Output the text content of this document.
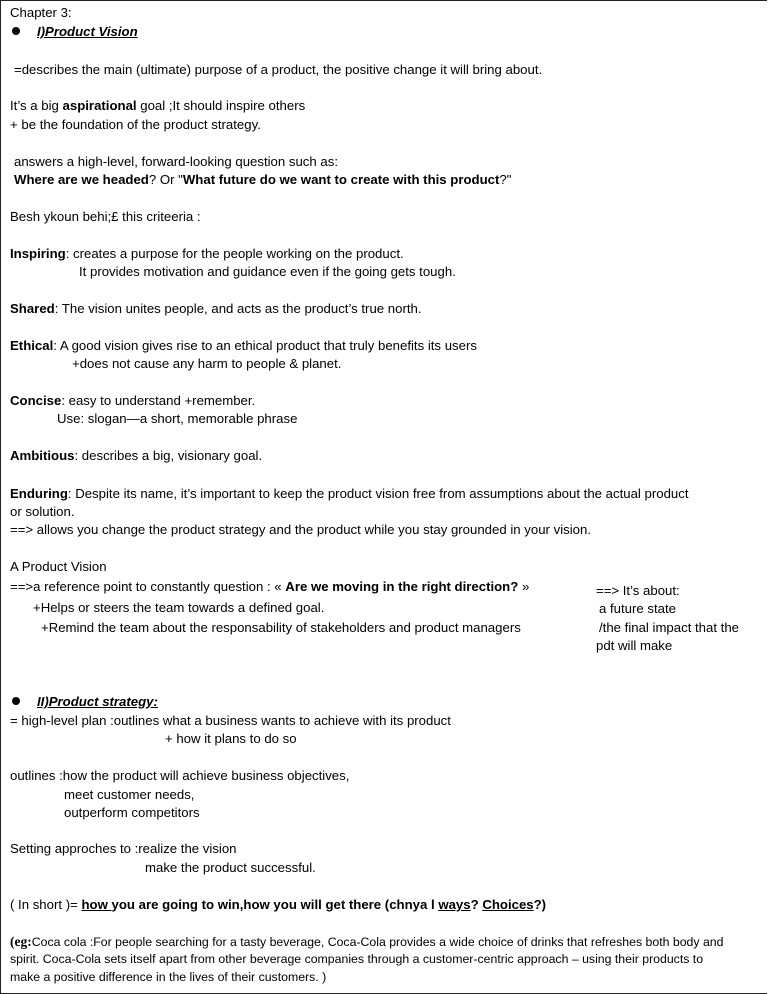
Chapter 3:
I)Product Vision
=describes the main (ultimate) purpose of a product, the positive change it will bring about.
It’s a big aspirational goal ;It should inspire others
+ be the foundation of the product strategy.
answers a high-level, forward-looking question such as:
Where are we headed? Or "What future do we want to create with this product?"
Besh ykoun behi;£ this criteeria :
Inspiring: creates a purpose for the people working on the product.
It provides motivation and guidance even if the going gets tough.
Shared: The vision unites people, and acts as the product’s true north.
Ethical: A good vision gives rise to an ethical product that truly benefits its users
+does not cause any harm to people & planet.
Concise: easy to understand +remember.
Use: slogan—a short, memorable phrase
Ambitious: describes a big, visionary goal.
Enduring: Despite its name, it’s important to keep the product vision free from assumptions about the actual product
or solution.
==> allows you change the product strategy and the product while you stay grounded in your vision.
A Product Vision
==>a reference point to constantly question : « Are we moving in the right direction? »
+Helps or steers the team towards a defined goal.
+Remind the team about the responsability of stakeholders and product managers
==> It’s about:
a future state
/the final impact that the
pdt will make
II)Product strategy:
= high-level plan :outlines what a business wants to achieve with its product
+ how it plans to do so
outlines :how the product will achieve business objectives,
meet customer needs,
outperform competitors
Setting approches to :realize the vision
make the product successful.
( In short )= how you are going to win,how you will get there (chnya l ways? Choices?)
(eg:Coca cola :For people searching for a tasty beverage, Coca-Cola provides a wide choice of drinks that refreshes both body and
spirit. Coca-Cola sets itself apart from other beverage companies through a customer-centric approach – using their products to
make a positive difference in the lives of their customers. )
